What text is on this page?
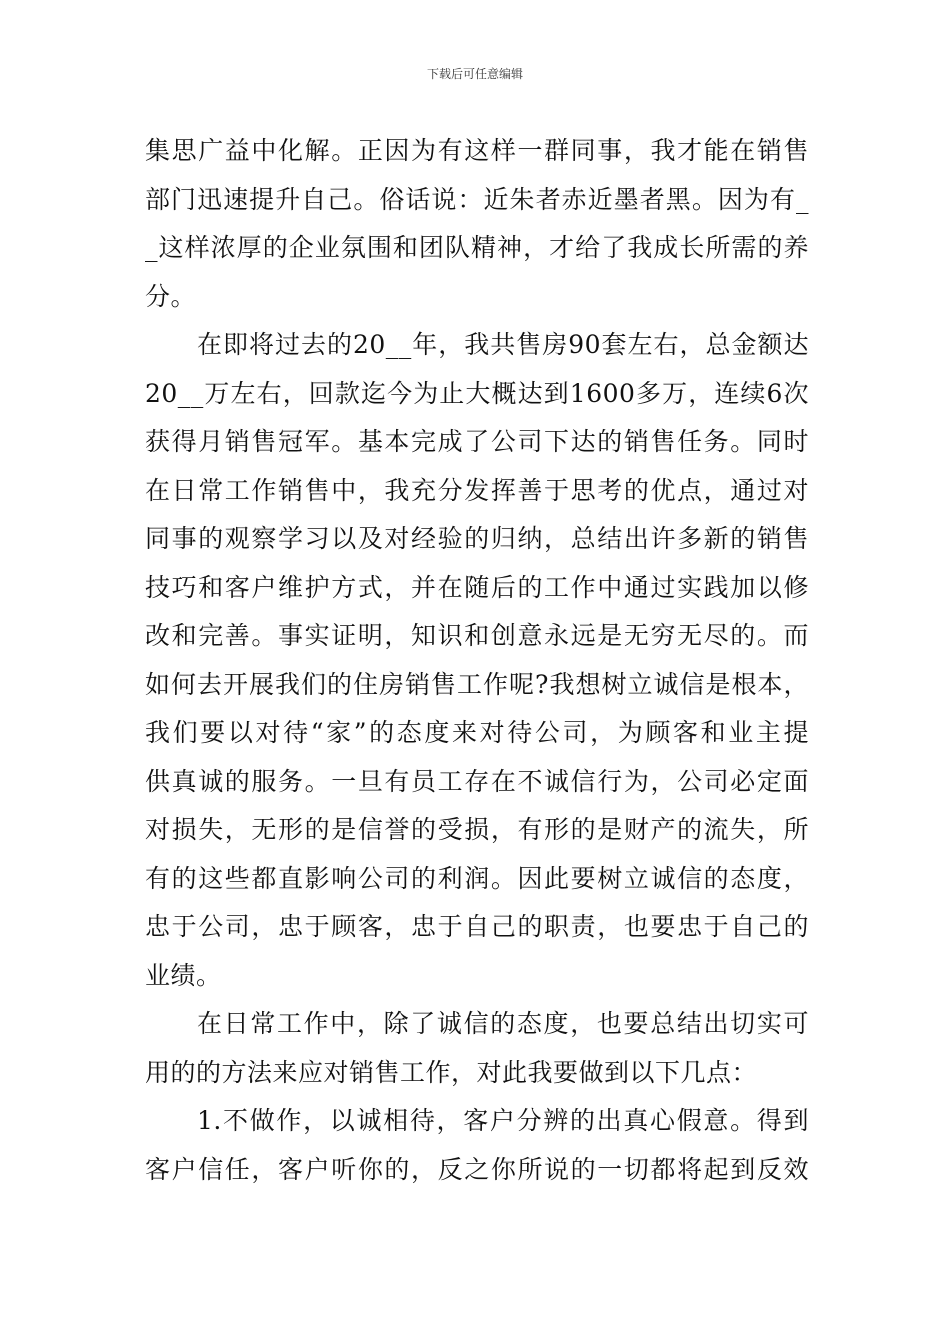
下载后可任意编辑
集思广益中化解。正因为有这样一群同事，我才能在销售
部门迅速提升自己。俗话说：近朱者赤近墨者黑。因为有_
_这样浓厚的企业氛围和团队精神，才给了我成长所需的养
分。
在即将过去的20__年，我共售房90套左右，总金额达
20__万左右，回款迄今为止大概达到1600多万，连续6次
获得月销售冠军。基本完成了公司下达的销售任务。同时
在日常工作销售中，我充分发挥善于思考的优点，通过对
同事的观察学习以及对经验的归纳，总结出许多新的销售
技巧和客户维护方式，并在随后的工作中通过实践加以修
改和完善。事实证明，知识和创意永远是无穷无尽的。而
如何去开展我们的住房销售工作呢?我想树立诚信是根本，
我们要以对待“家”的态度来对待公司，为顾客和业主提
供真诚的服务。一旦有员工存在不诚信行为，公司必定面
对损失，无形的是信誉的受损，有形的是财产的流失，所
有的这些都直影响公司的利润。因此要树立诚信的态度，
忠于公司，忠于顾客，忠于自己的职责，也要忠于自己的
业绩。
在日常工作中，除了诚信的态度，也要总结出切实可
用的的方法来应对销售工作，对此我要做到以下几点：
1.不做作，以诚相待，客户分辨的出真心假意。得到
客户信任，客户听你的，反之你所说的一切都将起到反效
